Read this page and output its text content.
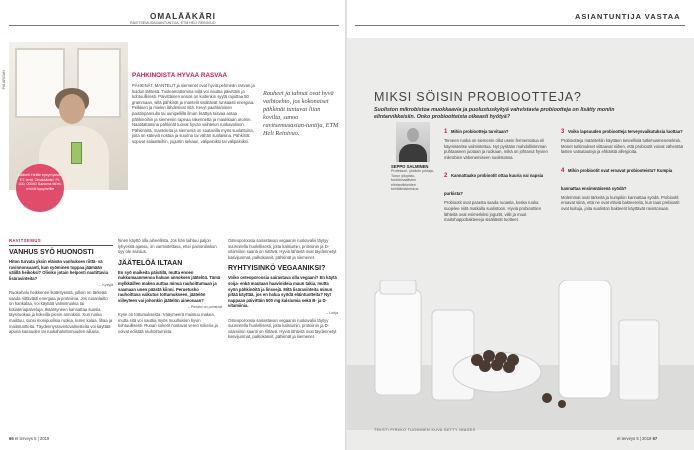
OMALÄÄKÄRI
RAVITSEMUSASIANTUNTIJA, ETM HELI REINIVUO
PIA ARGUN
Lääketi Helille kysymyksiä: ET-lehti, Omalääkäri, PL 100, 00040 Sanoma tai et-lehti.fi/ kysyhelille
PÄHKINÖISTÄ HYVÄÄ RASVAA
PÄHKINÄT, MANTELIT ja siemenet ovat hyviä pehmeän rasvan ja kuidun lähteitä. Tuoleamattomina niitä voi nauttia päivittäin ja kohtuullisesti. Päivittäinen annos on kuitenkin syytä rajoittaa 50 grammaan, sillä pähkinät ja mantelit sisältävät runsaasti energiaa. Pelkkien ja mielen lähdesivat riitä. Kevyt paahtaminen paistinpannulla tai uunipellillä ilman lisättyä rasvaa antaa pähkinöihin ja siemeniin rapeaa rakennetta ja maukkaan aromin. Naatitattamina pähkinät tuovat hyvän vaihtelun ruokavalioon. Pähkinöitä, manteleita ja siemeniä on saatavilla myös suolattuina, joita on käteviä nostaa ja suurina tai vähän suolaisina. Pähkinät sopivat salaatteihin, jogurtin sekaan, välipaloiksi tai välipaloiksi.
Rouheet ja tahnat ovat hyvä vaihtoehto, jos kokonaiset pähkinät tuntuvat liian kovilta, sanoo ravitsemusasian-tuntija, ETM Heli Reinivuo.
RAVITSEMUS
VANHUS SYÖ HUONOSTI
Hiton turvata yksin eläivän vanhuksen riittä- vä ravinnonsaanti, kun syöminen tuppaa jäämään välillä heikoksi? Olisiko jotain helposti nautittavia lisäravinteita?
– Kysyjä
Ruokahalu heikkenee ikääntyessä, jolloin on tärkeää saada riittävästi energiaa ja proteiinia. Jos ruoanlaitto on hankalaa, voi käyttää valmisruokia tai kotiateriapalveluja. Ikääntyneen kannattaa suosia täysiruokaa ja kokeilla pienin annoksin. Kun ruoka maistuu, suosi monipuolisia ruokia, kuten kalaa, lihaa ja maitotuotteita. Täydennysravintovalmisteita voi käyttää apuna sairauden tai ruokahaluttomuuden aikana.
hinen käyttö olla aiheellista. Jos hän laihtuu paljon lyhyessä ajassa, on varmistettava, ettei painonlaskun syy ole sairaus.
JÄÄTELÖÄ ILTAAN
En syö maikeita päivällä, mutta ennen nukkumaanmenoa haluan annoksen jäätelöä. Tämä mylkkäillen makea auttaa minua rauhoittumaan ja saamaan unen päästä kiinni. Peruetusko rauhoittava valkutus tottumukseen, jäätelön viileyteen vai johonkin jäätelön aineosaan?
– Pieraisi on pohsivat
Kyse on tottumuksesta. Vääymeerä maistuu makea, mutta sitä voi nauttia myös muulloinkin hyvin kohtuullisesti. Ruoan sokerit nostavat veren sokeria ja voivat edistää rauhoittumista.
Osteoporoosia sairastavan vegaanin ruokavalio täytyy suunnitella huolellisesti, jotta kalsiumin, proteiinin ja D-vitamiinin saanti on riittävä. Hyviä lähteitä ovat täydennetyt kasvijuomat, palkokasvit, pähkinät ja siemenet.
RYHTYISINKÖ VEGAANIKSI?
Voiko osteoporoosia sairastava olla vegaani? En käytä soija- enkä mautaan haavioideia maun takia, mutta syön pähkinöitä ja linssejä. Mitä lisäravinteita minun pitää käyttää, jos en halua syödä eläintuotteita? Nyt nappaan päivittäin 500 mg kalsiumia sekä B- ja D-vitamiinia.
– Lohja
Osteoporoosia sairastavan vegaanin ruokavalio täytyy suunnitella huolellisesti, jotta kalsiumin, proteiinin ja D-vitamiinin saanti on riittävä. Hyviä lähteitä ovat täydennetyt kasvijuomat, palkokasvit, pähkinät ja siemenet.
66 et terveys 5 | 2019
ASIANTUNTIJA VASTAA
MIKSI SÖISIN PROBIOOTTEJA?
Suoliston mikrobistoa muokkaavia ja puolustuskykyä vahvistavia probiootteja on lisätty moniin elintarvikkeisiin. Onko probiootteista oikeasti hyötyä?
SEPPO SALMINEN
Professori, yksikön johtaja, Turun yliopisto, funktionaalisten elintarvikkeiden kehittämiskeskus
1 Mihin probiootteja tarvitaan?
Terveen ruoka on siemenin ollut usein fermentoitua eli käymisteitse valmistettua. Nyt pyritään mahdollisimman puhtaaseen juotaan ja ruokaan, mikä on johtanut hyvien mikrobien vähenemiseen suolistossa.
2 Kannattaako probiootit ottaa kuuria vai napsia purkista?
Probiootit ovat parasta saada ruoasta, koska ruoka suojelee niitä matkalla suolistoon. Hyviä probioottien lähteitä ovat esimerkiksi jogurtit, viilit ja muut maitohappobakteeeja sisältävät tuotteet.
3 Voiko lapsuuden probiootteja terveysvaikutuksia luottaa?
Probiootteja määriteltiin käyttäen tieteellisiä tutkimusmenetelmiä. Monet tutkimukset viittaavat siihen, että probiootit voivat vähentää lasten vatsatauteja ja ehkäistä allergioita.
4 Mihin probiootit ovat eroavat probiooteista? Kumpia kannattaa ensimmäisenä syödä?
Molemmat ovat tärkeitä ja kumpikin kannattaa syödä. Probiootit eroavat siinä, että ne ovat eläviä bakteereita, kun taas prebiootit ovat kuituja, joita suoliston bakteerit käyttävät ravintonaan.
TEKSTI PIRKKO TUOMINEN KUVA GETTY IMAGES
et terveys 5 | 2019 67
